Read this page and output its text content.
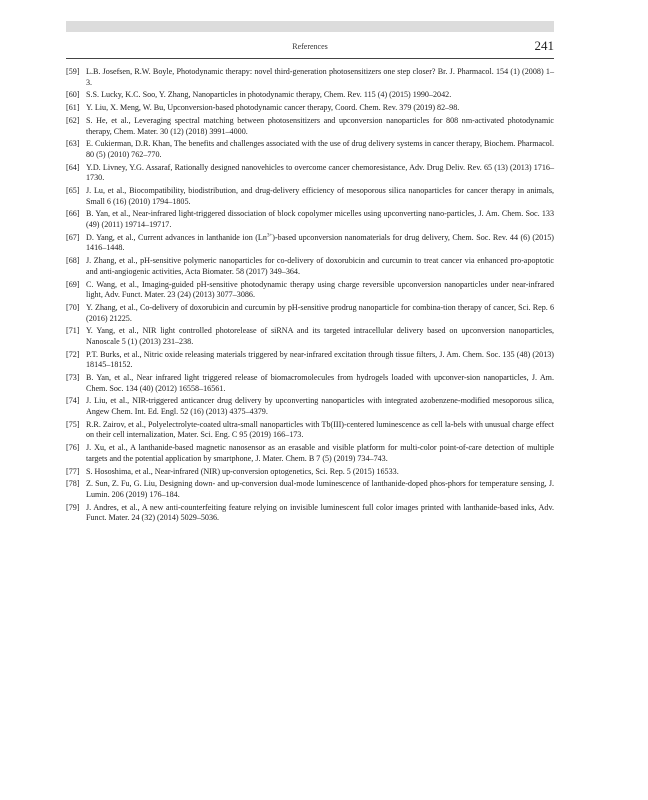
References	241
[59] L.B. Josefsen, R.W. Boyle, Photodynamic therapy: novel third-generation photosensitizers one step closer? Br. J. Pharmacol. 154 (1) (2008) 1–3.
[60] S.S. Lucky, K.C. Soo, Y. Zhang, Nanoparticles in photodynamic therapy, Chem. Rev. 115 (4) (2015) 1990–2042.
[61] Y. Liu, X. Meng, W. Bu, Upconversion-based photodynamic cancer therapy, Coord. Chem. Rev. 379 (2019) 82–98.
[62] S. He, et al., Leveraging spectral matching between photosensitizers and upconversion nanoparticles for 808 nm-activated photodynamic therapy, Chem. Mater. 30 (12) (2018) 3991–4000.
[63] E. Cukierman, D.R. Khan, The benefits and challenges associated with the use of drug delivery systems in cancer therapy, Biochem. Pharmacol. 80 (5) (2010) 762–770.
[64] Y.D. Livney, Y.G. Assaraf, Rationally designed nanovehicles to overcome cancer chemoresistance, Adv. Drug Deliv. Rev. 65 (13) (2013) 1716–1730.
[65] J. Lu, et al., Biocompatibility, biodistribution, and drug-delivery efficiency of mesoporous silica nanoparticles for cancer therapy in animals, Small 6 (16) (2010) 1794–1805.
[66] B. Yan, et al., Near-infrared light-triggered dissociation of block copolymer micelles using upconverting nano-particles, J. Am. Chem. Soc. 133 (49) (2011) 19714–19717.
[67] D. Yang, et al., Current advances in lanthanide ion $(Ln^{3+})$-based upconversion nanomaterials for drug delivery, Chem. Soc. Rev. 44 (6) (2015) 1416–1448.
[68] J. Zhang, et al., pH-sensitive polymeric nanoparticles for co-delivery of doxorubicin and curcumin to treat cancer via enhanced pro-apoptotic and anti-angiogenic activities, Acta Biomater. 58 (2017) 349–364.
[69] C. Wang, et al., Imaging-guided pH-sensitive photodynamic therapy using charge reversible upconversion nanoparticles under near-infrared light, Adv. Funct. Mater. 23 (24) (2013) 3077–3086.
[70] Y. Zhang, et al., Co-delivery of doxorubicin and curcumin by pH-sensitive prodrug nanoparticle for combina-tion therapy of cancer, Sci. Rep. 6 (2016) 21225.
[71] Y. Yang, et al., NIR light controlled photorelease of siRNA and its targeted intracellular delivery based on upconversion nanoparticles, Nanoscale 5 (1) (2013) 231–238.
[72] P.T. Burks, et al., Nitric oxide releasing materials triggered by near-infrared excitation through tissue filters, J. Am. Chem. Soc. 135 (48) (2013) 18145–18152.
[73] B. Yan, et al., Near infrared light triggered release of biomacromolecules from hydrogels loaded with upconver-sion nanoparticles, J. Am. Chem. Soc. 134 (40) (2012) 16558–16561.
[74] J. Liu, et al., NIR-triggered anticancer drug delivery by upconverting nanoparticles with integrated azobenzene-modified mesoporous silica, Angew Chem. Int. Ed. Engl. 52 (16) (2013) 4375–4379.
[75] R.R. Zairov, et al., Polyelectrolyte-coated ultra-small nanoparticles with Tb(III)-centered luminescence as cell la-bels with unusual charge effect on their cell internalization, Mater. Sci. Eng. C 95 (2019) 166–173.
[76] J. Xu, et al., A lanthanide-based magnetic nanosensor as an erasable and visible platform for multi-color point-of-care detection of multiple targets and the potential application by smartphone, J. Mater. Chem. B 7 (5) (2019) 734–743.
[77] S. Hososhima, et al., Near-infrared (NIR) up-conversion optogenetics, Sci. Rep. 5 (2015) 16533.
[78] Z. Sun, Z. Fu, G. Liu, Designing down- and up-conversion dual-mode luminescence of lanthanide-doped phos-phors for temperature sensing, J. Lumin. 206 (2019) 176–184.
[79] J. Andres, et al., A new anti-counterfeiting feature relying on invisible luminescent full color images printed with lanthanide-based inks, Adv. Funct. Mater. 24 (32) (2014) 5029–5036.
